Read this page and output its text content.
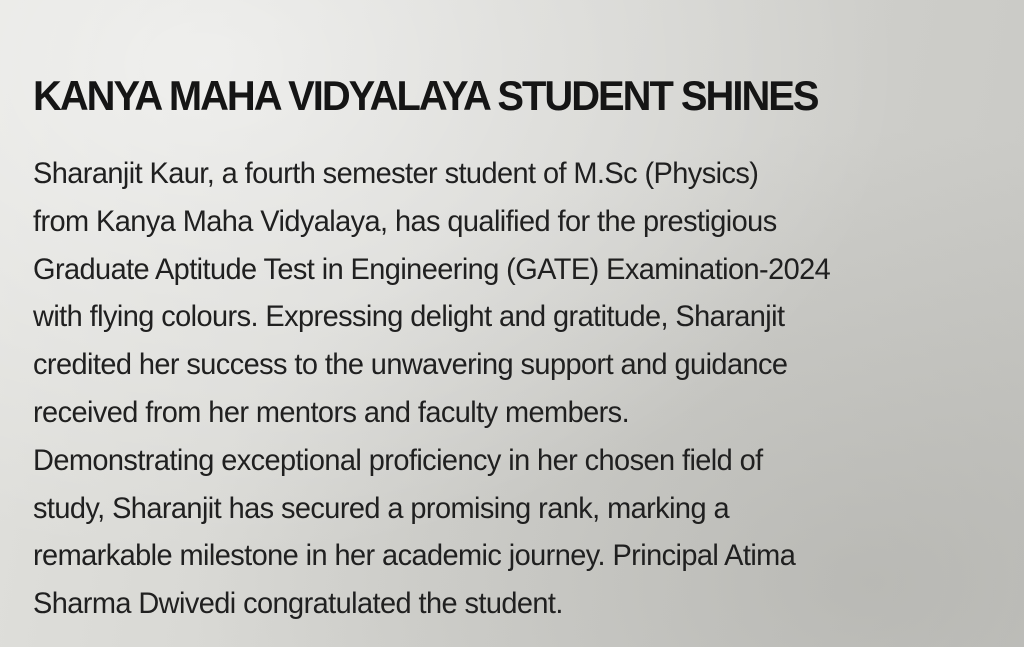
KANYA MAHA VIDYALAYA STUDENT SHINES
Sharanjit Kaur, a fourth semester student of M.Sc (Physics)
from Kanya Maha Vidyalaya, has qualified for the prestigious
Graduate Aptitude Test in Engineering (GATE) Examination-2024
with flying colours. Expressing delight and gratitude, Sharanjit
credited her success to the unwavering support and guidance
received from her mentors and faculty members.
Demonstrating exceptional proficiency in her chosen field of
study, Sharanjit has secured a promising rank, marking a
remarkable milestone in her academic journey. Principal Atima
Sharma Dwivedi congratulated the student.
